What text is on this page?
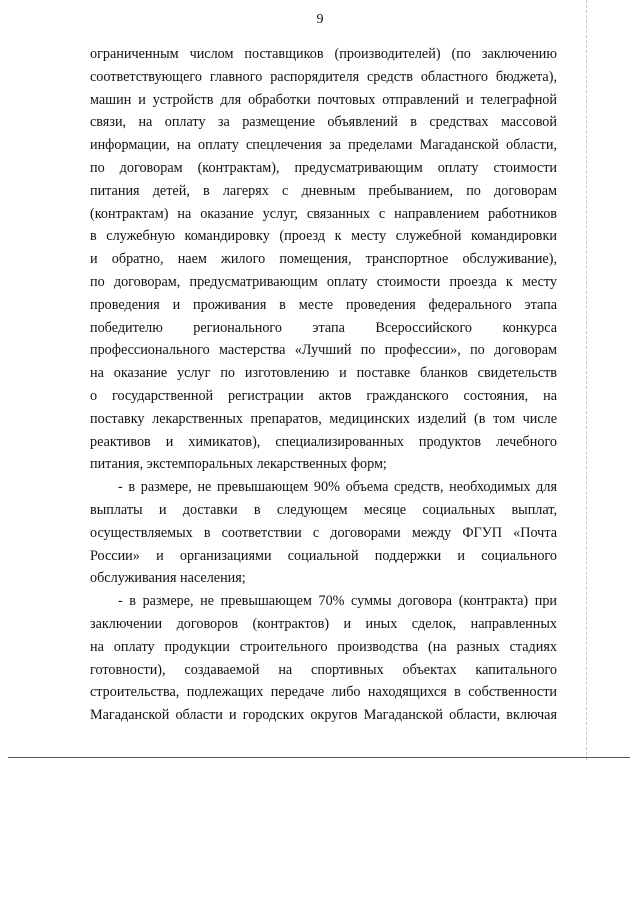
9
ограниченным числом поставщиков (производителей) (по заключению
соответствующего главного распорядителя средств областного бюджета),
машин и устройств для обработки почтовых отправлений и телеграфной
связи, на оплату за размещение объявлений в средствах массовой
информации, на оплату спецлечения за пределами Магаданской области,
по договорам (контрактам), предусматривающим оплату стоимости
питания детей, в лагерях с дневным пребыванием, по договорам
(контрактам) на оказание услуг, связанных с направлением работников
в служебную командировку (проезд к месту служебной командировки
и обратно, наем жилого помещения, транспортное обслуживание),
по договорам, предусматривающим оплату стоимости проезда к месту
проведения и проживания в месте проведения федерального этапа
победителю регионального этапа Всероссийского конкурса
профессионального мастерства «Лучший по профессии», по договорам
на оказание услуг по изготовлению и поставке бланков свидетельств
о государственной регистрации актов гражданского состояния, на
поставку лекарственных препаратов, медицинских изделий (в том числе
реактивов и химикатов), специализированных продуктов лечебного
питания, экстемпоральных лекарственных форм;
- в размере, не превышающем 90% объема средств, необходимых для
выплаты и доставки в следующем месяце социальных выплат,
осуществляемых в соответствии с договорами между ФГУП «Почта
России» и организациями социальной поддержки и социального
обслуживания населения;
- в размере, не превышающем 70% суммы договора (контракта) при
заключении договоров (контрактов) и иных сделок, направленных
на оплату продукции строительного производства (на разных стадиях
готовности), создаваемой на спортивных объектах капитального
строительства, подлежащих передаче либо находящихся в собственности
Магаданской области и городских округов Магаданской области, включая
